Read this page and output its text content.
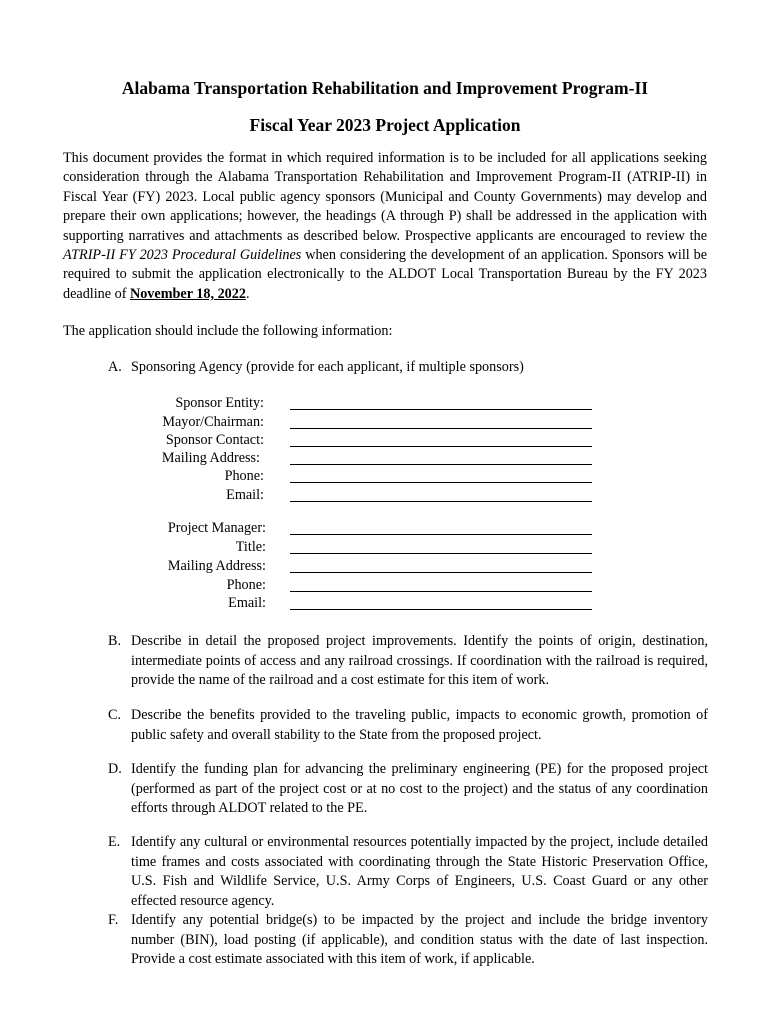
Alabama Transportation Rehabilitation and Improvement Program-II
Fiscal Year 2023 Project Application

This document provides the format in which required information is to be included for all applications seeking consideration through the Alabama Transportation Rehabilitation and Improvement Program-II (ATRIP-II) in Fiscal Year (FY) 2023. Local public agency sponsors (Municipal and County Governments) may develop and prepare their own applications; however, the headings (A through P) shall be addressed in the application with supporting narratives and attachments as described below. Prospective applicants are encouraged to review the ATRIP-II FY 2023 Procedural Guidelines when considering the development of an application. Sponsors will be required to submit the application electronically to the ALDOT Local Transportation Bureau by the FY 2023 deadline of November 18, 2022.

The application should include the following information:

A. Sponsoring Agency (provide for each applicant, if multiple sponsors)
Sponsor Entity:
Mayor/Chairman:
Sponsor Contact:
Mailing Address:
Phone:
Email:
Project Manager:
Title:
Mailing Address:
Phone:
Email:
B. Describe in detail the proposed project improvements. Identify the points of origin, destination, intermediate points of access and any railroad crossings. If coordination with the railroad is required, provide the name of the railroad and a cost estimate for this item of work.
C. Describe the benefits provided to the traveling public, impacts to economic growth, promotion of public safety and overall stability to the State from the proposed project.
D. Identify the funding plan for advancing the preliminary engineering (PE) for the proposed project (performed as part of the project cost or at no cost to the project) and the status of any coordination efforts through ALDOT related to the PE.
E. Identify any cultural or environmental resources potentially impacted by the project, include detailed time frames and costs associated with coordinating through the State Historic Preservation Office, U.S. Fish and Wildlife Service, U.S. Army Corps of Engineers, U.S. Coast Guard or any other effected resource agency.
F. Identify any potential bridge(s) to be impacted by the project and include the bridge inventory number (BIN), load posting (if applicable), and condition status with the date of last inspection. Provide a cost estimate associated with this item of work, if applicable.
